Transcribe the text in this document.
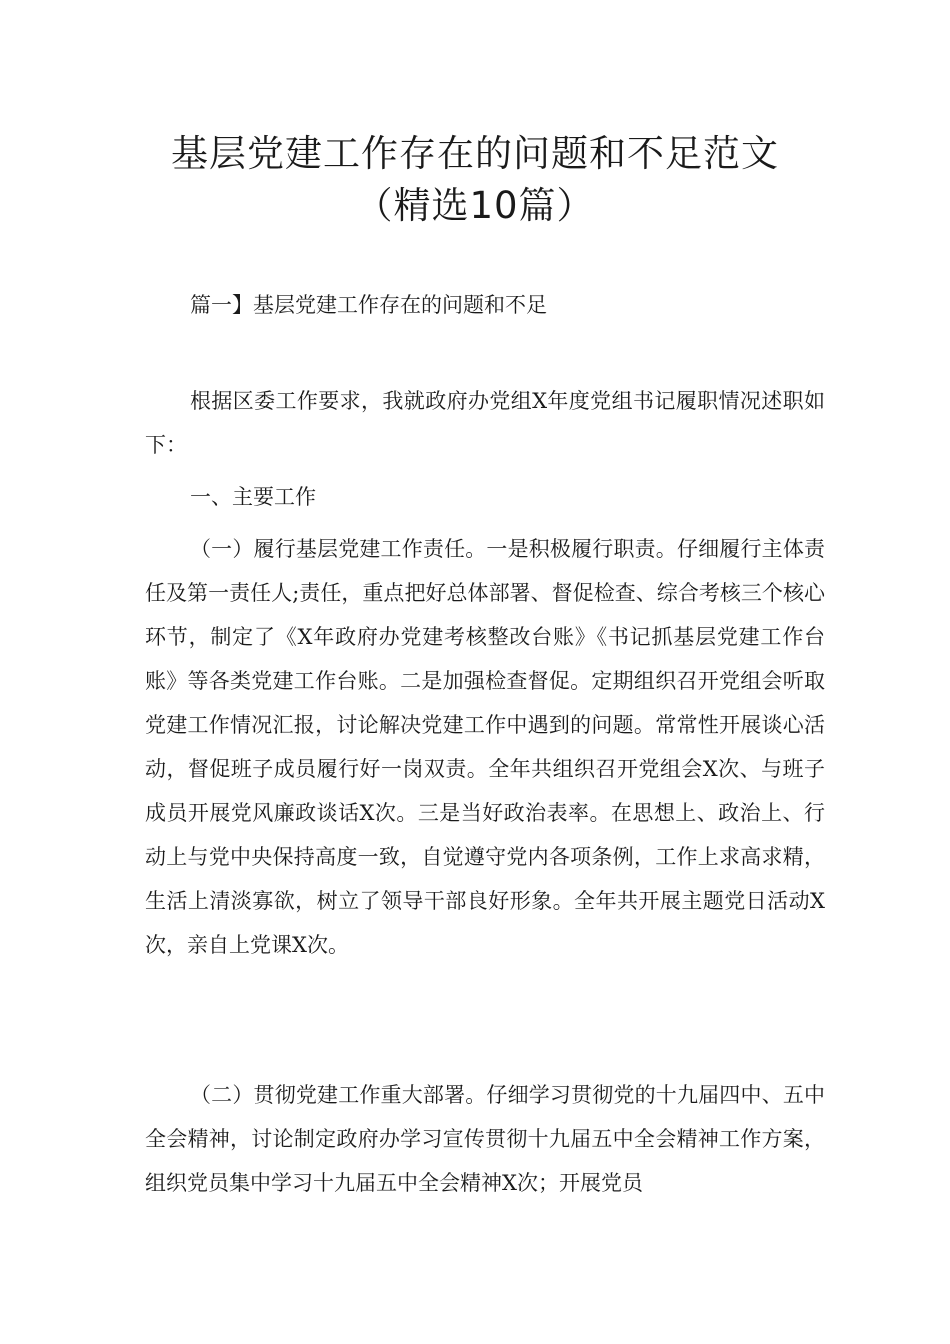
基层党建工作存在的问题和不足范文
（精选10篇）

篇一】基层党建工作存在的问题和不足

根据区委工作要求，我就政府办党组X年度党组书记履职情况述职如下：

一、主要工作

（一）履行基层党建工作责任。一是积极履行职责。仔细履行主体责任及第一责任人;责任，重点把好总体部署、督促检查、综合考核三个核心环节，制定了《X年政府办党建考核整改台账》《书记抓基层党建工作台账》等各类党建工作台账。二是加强检查督促。定期组织召开党组会听取党建工作情况汇报，讨论解决党建工作中遇到的问题。常常性开展谈心活动，督促班子成员履行好一岗双责。全年共组织召开党组会X次、与班子成员开展党风廉政谈话X次。三是当好政治表率。在思想上、政治上、行动上与党中央保持高度一致，自觉遵守党内各项条例，工作上求高求精，生活上清淡寡欲，树立了领导干部良好形象。全年共开展主题党日活动X次，亲自上党课X次。

（二）贯彻党建工作重大部署。仔细学习贯彻党的十九届四中、五中全会精神，讨论制定政府办学习宣传贯彻十九届五中全会精神工作方案，组织党员集中学习十九届五中全会精神X次；开展党员
